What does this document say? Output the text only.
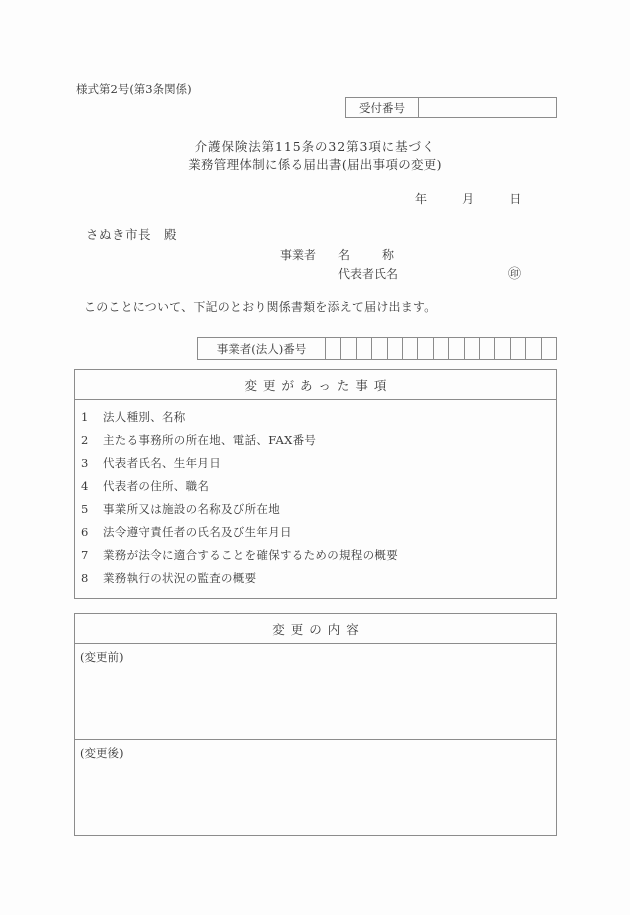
様式第2号(第3条関係)
受付番号
介護保険法第115条の32第3項に基づく
業務管理体制に係る届出書(届出事項の変更)
年	月	日
さぬき市長　殿
事業者 名	称
代表者氏名	㊞
このことについて、下記のとおり関係書類を添えて届け出ます。
事業者(法人)番号
変更があった事項
1 法人種別、名称
2 主たる事務所の所在地、電話、FAX番号
3 代表者氏名、生年月日
4 代表者の住所、職名
5 事業所又は施設の名称及び所在地
6 法令遵守責任者の氏名及び生年月日
7 業務が法令に適合することを確保するための規程の概要
8 業務執行の状況の監査の概要
変更の内容
(変更前)
(変更後)
